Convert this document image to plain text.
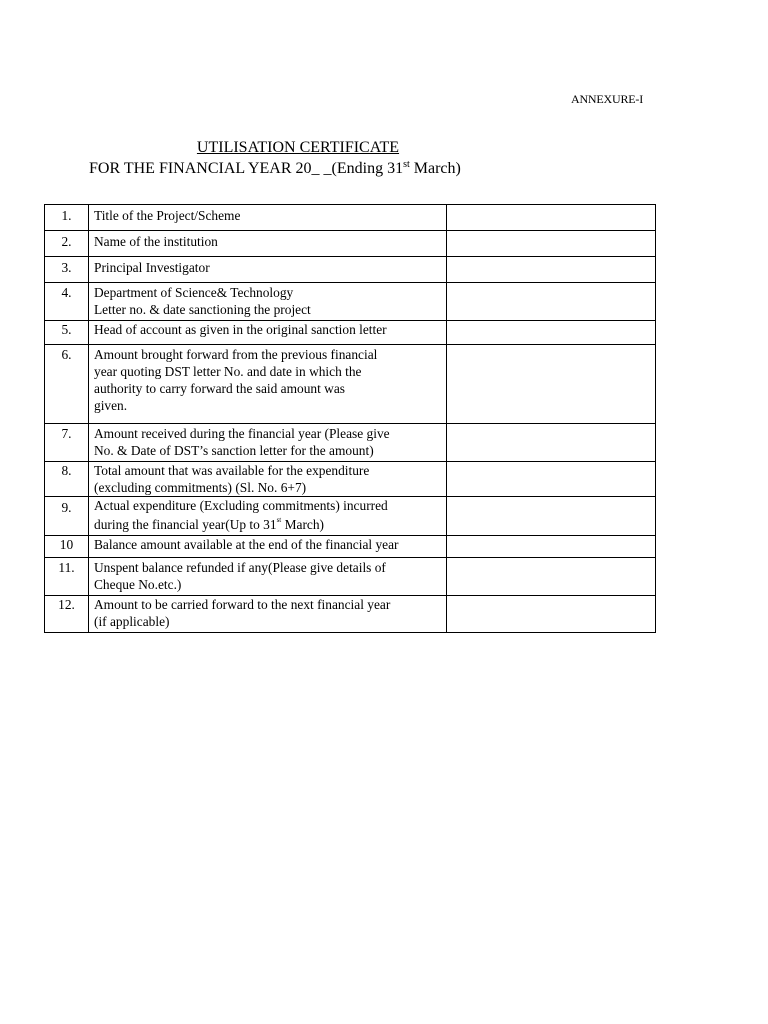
ANNEXURE-I
UTILISATION CERTIFICATE
FOR THE FINANCIAL YEAR 20_ _(Ending 31st March)
1.	Title of the Project/Scheme	

2.	Name of the institution	

3.	Principal Investigator	

4.	Department of Science& Technology
Letter no. & date sanctioning the project	

5.	Head of account as given in the original sanction letter	

6.	Amount brought forward from the previous financial
year quoting DST letter No. and date in which the
authority to carry forward the said amount was
given.	

7.	Amount received during the financial year (Please give
No. & Date of DST’s sanction letter for the amount)	

8.	Total amount that was available for the expenditure
(excluding commitments) (Sl. No. 6+7)	

9.	Actual expenditure (Excluding commitments) incurred
during the financial year(Up to 31st March)	

10	Balance amount available at the end of the financial year	

11.	Unspent balance refunded if any(Please give details of
Cheque No.etc.)	

12.	Amount to be carried forward to the next financial year
(if applicable)	
